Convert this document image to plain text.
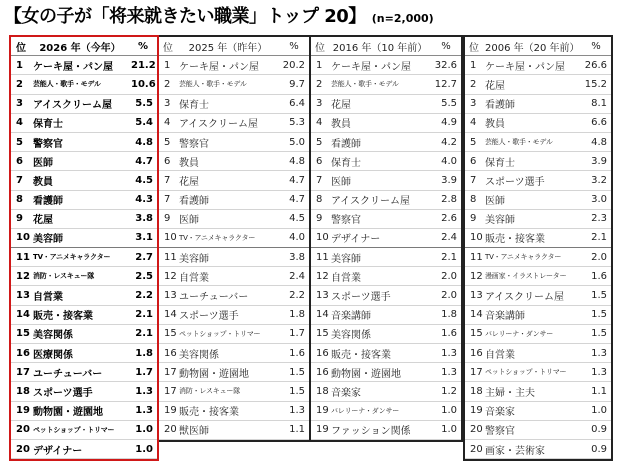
【女の子が「将来就きたい職業」トップ 20】 (n=2,000)
位	2026 年（今年）	%
1	ケーキ屋・パン屋	21.2
2	芸能人・歌手・モデル	10.6
3	アイスクリーム屋	5.5
4	保育士	5.4
5	警察官	4.8
6	医師	4.7
7	教員	4.5
8	看護師	4.3
9	花屋	3.8
10	美容師	3.1
11	TV・アニメキャラクター	2.7
12	消防・レスキュー隊	2.5
13	自営業	2.2
14	販売・接客業	2.1
15	美容関係	2.1
16	医療関係	1.8
17	ユーチューバー	1.7
18	スポーツ選手	1.3
19	動物園・遊園地	1.3
20	ペットショップ・トリマー	1.0
20	デザイナー	1.0
位	2025 年（昨年）	%
1	ケーキ屋・パン屋	20.2
2	芸能人・歌手・モデル	9.7
3	保育士	6.4
4	アイスクリーム屋	5.3
5	警察官	5.0
6	教員	4.8
7	花屋	4.7
7	看護師	4.7
9	医師	4.5
10	TV・アニメキャラクター	4.0
11	美容師	3.8
12	自営業	2.4
13	ユーチューバー	2.2
14	スポーツ選手	1.8
15	ペットショップ・トリマー	1.7
16	美容関係	1.6
17	動物園・遊園地	1.5
17	消防・レスキュー隊	1.5
19	販売・接客業	1.3
20	獣医師	1.1
位	2016 年（10 年前）	%
1	ケーキ屋・パン屋	32.6
2	芸能人・歌手・モデル	12.7
3	花屋	5.5
4	教員	4.9
5	看護師	4.2
6	保育士	4.0
7	医師	3.9
8	アイスクリーム屋	2.8
9	警察官	2.6
10	デザイナー	2.4
11	美容師	2.1
12	自営業	2.0
13	スポーツ選手	2.0
14	音楽講師	1.8
15	美容関係	1.6
16	販売・接客業	1.3
16	動物園・遊園地	1.3
18	音楽家	1.2
19	バレリーナ・ダンサー	1.0
19	ファッション関係	1.0
位	2006 年（20 年前）	%
1	ケーキ屋・パン屋	26.6
2	花屋	15.2
3	看護師	8.1
4	教員	6.6
5	芸能人・歌手・モデル	4.8
6	保育士	3.9
7	スポーツ選手	3.2
8	医師	3.0
9	美容師	2.3
10	販売・接客業	2.1
11	TV・アニメキャラクター	2.0
12	漫画家・イラストレーター	1.6
13	アイスクリーム屋	1.5
14	音楽講師	1.5
15	バレリーナ・ダンサー	1.5
16	自営業	1.3
17	ペットショップ・トリマー	1.3
18	主婦・主夫	1.1
19	音楽家	1.0
20	警察官	0.9
20	画家・芸術家	0.9
